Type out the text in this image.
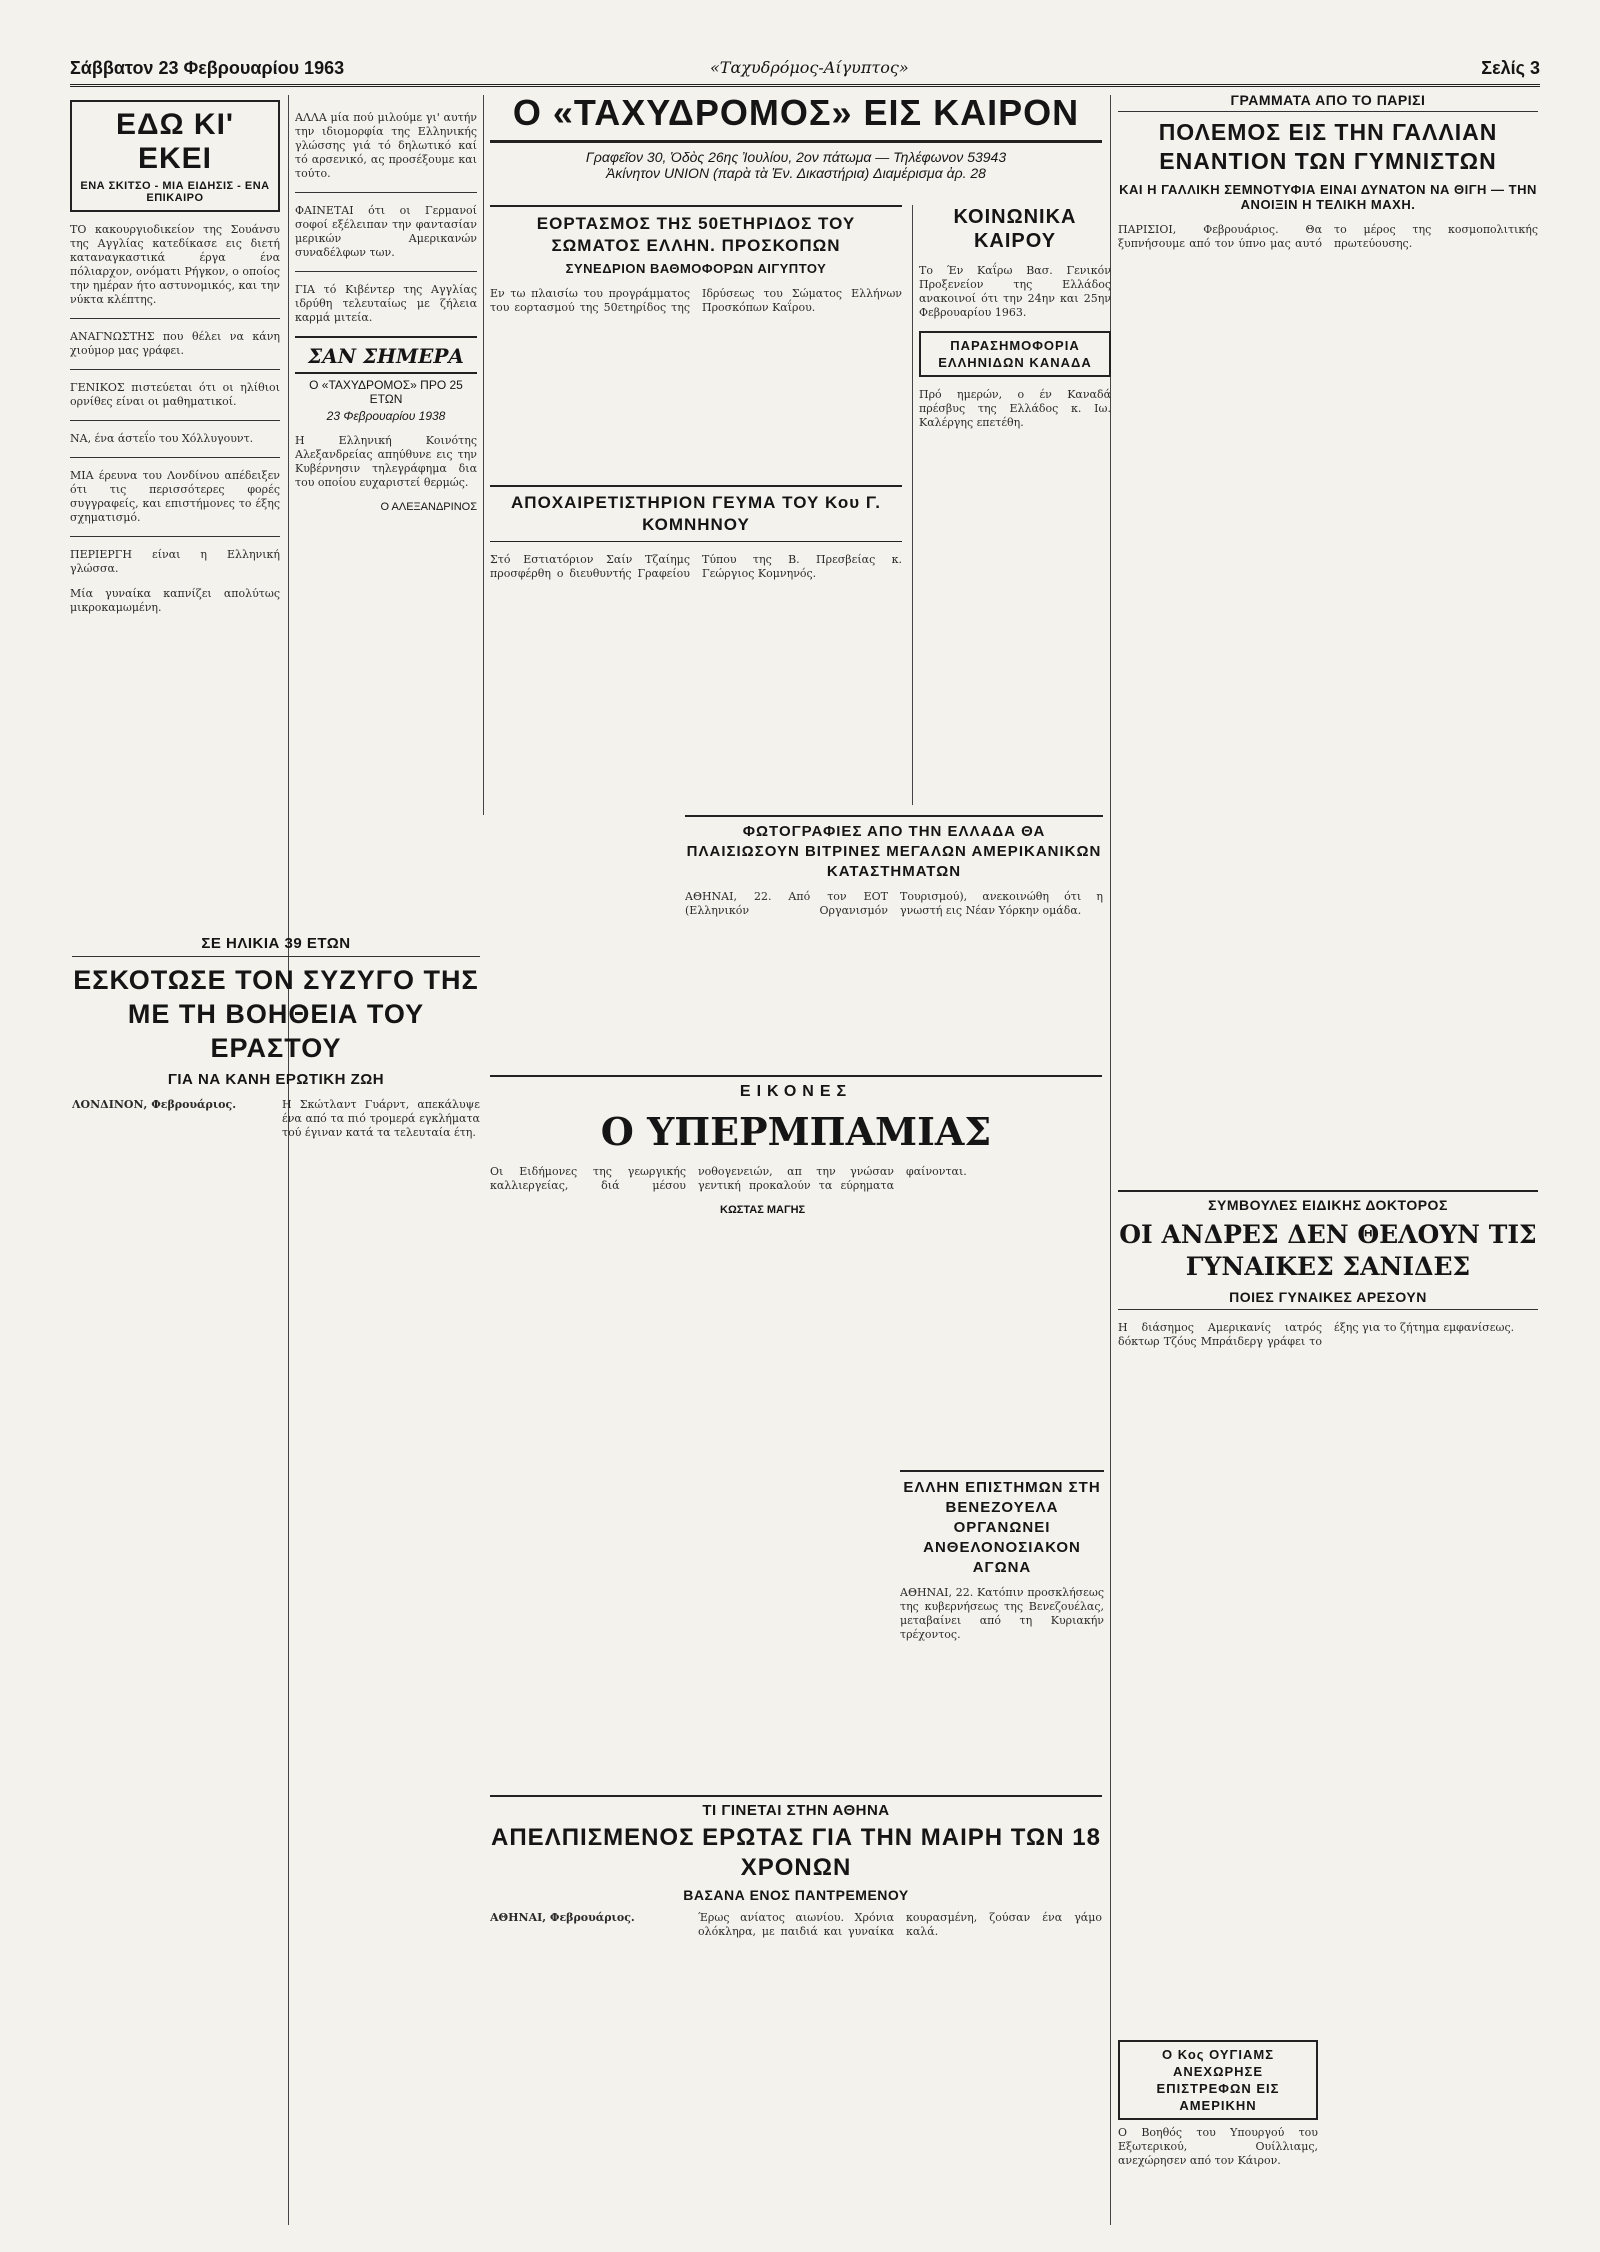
Σάββατον 23 Φεβρουαρίου 1963	«Ταχυδρόμος-Αίγυπτος»	Σελίς 3
ΕΔΩ ΚΙ' ΕΚΕΙ
ΕΝΑ ΣΚΙΤΣΟ - ΜΙΑ ΕΙΔΗΣΙΣ - ΕΝΑ ΕΠΙΚΑΙΡΟ

ΤΟ κακουργιοδικείον της Σουάνσυ της Αγγλίας κατεδίκασε εις διετή καταναγκαστικά έργα ένα πόλιαρχον, ονόματι Ρήγκον, ο οποίος την ημέραν ήτο αστυνομικός, και την νύκτα κλέπτης.

ΑΝΑΓΝΩΣΤΗΣ που θέλει να κάνη χιούμορ μας γράφει.

ΓΕΝΙΚΟΣ πιστεύεται ότι οι ηλίθιοι ορνίθες είναι οι μαθηματικοί.

ΝΑ, ένα άστεΐο του Χόλλυγουντ.

ΜΙΑ έρευνα του Λονδίνου απέδειξεν ότι τις περισσότερες φορές συγγραφείς, και επιστήμονες το έξης σχηματισμό.

ΠΕΡΙΕΡΓΗ είναι η Ελληνική γλώσσα.

Μία γυναίκα καπνίζει απολύτως μικροκαμωμένη.

ΑΛΛΑ μία πού μιλούμε γι' αυτήν την ιδιομορφία της Ελληνικής γλώσσης γιά τό δηλωτικό καί τό αρσενικό, ας προσέξουμε και τούτο.

ΦΑΙΝΕΤΑΙ ότι οι Γερμανοί σοφοί εξέλειπαν την φαντασίαν μερικών Αμερικανών συναδέλφων των.

ΓΙΑ τό Κιβέντερ της Αγγλίας ιδρύθη τελευταίως με ζήλεια καρμά μιτεία.

ΣΑΝ ΣΗΜΕΡΑ
Ο «ΤΑΧΥΔΡΟΜΟΣ» ΠΡΟ 25 ΕΤΩΝ
23 Φεβρουαρίου 1938

Η Ελληνική Κοινότης Αλεξανδρείας απηύθυνε εις την Κυβέρνησιν τηλεγράφημα δια του οποίου ευχαριστεί θερμώς.

Ο ΑΛΕΞΑΝΔΡΙΝΟΣ
ΣΕ ΗΛΙΚΙΑ 39 ΕΤΩΝ
ΕΣΚΟΤΩΣΕ ΤΟΝ ΣΥΖΥΓΟ ΤΗΣ ΜΕ ΤΗ ΒΟΗΘΕΙΑ ΤΟΥ ΕΡΑΣΤΟΥ
ΓΙΑ ΝΑ ΚΑΝΗ ΕΡΩΤΙΚΗ ΖΩΗ

ΛΟΝΔΙΝΟΝ, Φεβρουάριος.	Η Σκώτλαντ Γυάρντ, απεκάλυψε ένα από τα πιό τρομερά εγκλήματα τού έγιναν κατά τα τελευταία έτη.

Ο «ΤΑΧΥΔΡΟΜΟΣ» ΕΙΣ ΚΑΙΡΟΝ
Γραφεῖον 30, Ὁδὸς 26ης Ἰουλίου, 2ον πάτωμα — Τηλέφωνον 53943
Ἀκίνητον UNION (παρὰ τὰ Ἐν. Δικαστήρια) Διαμέρισμα ἀρ. 28
ΕΟΡΤΑΣΜΟΣ ΤΗΣ 50ΕΤΗΡΙΔΟΣ ΤΟΥ ΣΩΜΑΤΟΣ ΕΛΛΗΝ. ΠΡΟΣΚΟΠΩΝ
ΣΥΝΕΔΡΙΟΝ ΒΑΘΜΟΦΟΡΩΝ ΑΙΓΥΠΤΟΥ

Εν τω πλαισίω του προγράμματος του εορτασμού της 50ετηρίδος της Ιδρύσεως του Σώματος Ελλήνων Προσκόπων Καΐρου.

ΚΟΙΝΩΝΙΚΑ ΚΑΙΡΟΥ

Το Έν Καΐρω Βασ. Γενικόν Προξενείον της Ελλάδος ανακοινοί ότι την 24ην και 25ην Φεβρουαρίου 1963.

ΠΑΡΑΣΗΜΟΦΟΡΙΑ ΕΛΛΗΝΙΔΩΝ ΚΑΝΑΔΑ

Πρό ημερών, ο έν Καναδά πρέσβυς της Ελλάδος κ. Ιω. Καλέργης επετέθη.

ΑΠΟΧΑΙΡΕΤΙΣΤΗΡΙΟΝ ΓΕΥΜΑ ΤΟΥ Κου Γ. ΚΟΜΝΗΝΟΥ

Στό Εστιατόριον Σαίν Τζαίημς προσφέρθη ο διευθυντής Γραφείου Τύπου της Β. Πρεσβείας κ. Γεώργιος Κομνηνός.

ΦΩΤΟΓΡΑΦΙΕΣ ΑΠΟ ΤΗΝ ΕΛΛΑΔΑ ΘΑ ΠΛΑΙΣΙΩΣΟΥΝ ΒΙΤΡΙΝΕΣ ΜΕΓΑΛΩΝ ΑΜΕΡΙΚΑΝΙΚΩΝ ΚΑΤΑΣΤΗΜΑΤΩΝ

ΑΘΗΝΑΙ, 22. Από τον ΕΟΤ (Ελληνικόν Οργανισμόν Τουρισμού), ανεκοινώθη ότι η γνωστή εις Νέαν Υόρκην ομάδα.

ΕΙΚΟΝΕΣ
Ο ΥΠΕΡΜΠΑΜΙΑΣ

Οι Ειδήμονες της γεωργικής καλλιεργείας, διά μέσου νοθογενειών, απ την γνώσαν γεντική προκαλούν τα εύρηματα φαίνονται.

ΚΩΣΤΑΣ ΜΑΓΗΣ
ΕΛΛΗΝ ΕΠΙΣΤΗΜΩΝ ΣΤΗ ΒΕΝΕΖΟΥΕΛΑ ΟΡΓΑΝΩΝΕΙ ΑΝΘΕΛΟΝΟΣΙΑΚΟΝ ΑΓΩΝΑ

ΑΘΗΝΑΙ, 22. Κατόπιν προσκλήσεως της κυβερνήσεως της Βενεζουέλας, μεταβαίνει από τη Κυριακήν τρέχοντος.

ΤΙ ΓΙΝΕΤΑΙ ΣΤΗΝ ΑΘΗΝΑ
ΑΠΕΛΠΙΣΜΕΝΟΣ ΕΡΩΤΑΣ ΓΙΑ ΤΗΝ ΜΑΙΡΗ ΤΩΝ 18 ΧΡΟΝΩΝ
ΒΑΣΑΝΑ ΕΝΟΣ ΠΑΝΤΡΕΜΕΝΟΥ

ΑΘΗΝΑΙ, Φεβρουάριος.	Έρως ανίατος αιωνίου. Χρόνια ολόκληρα, με παιδιά και γυναίκα κουρασμένη, ζούσαν ένα γάμο καλά.

ΓΡΑΜΜΑΤΑ ΑΠΟ ΤΟ ΠΑΡΙΣΙ
ΠΟΛΕΜΟΣ ΕΙΣ ΤΗΝ ΓΑΛΛΙΑΝ ΕΝΑΝΤΙΟΝ ΤΩΝ ΓΥΜΝΙΣΤΩΝ
ΚΑΙ Η ΓΑΛΛΙΚΗ ΣΕΜΝΟΤΥΦΙΑ ΕΙΝΑΙ ΔΥΝΑΤΟΝ ΝΑ ΘΙΓΗ — ΤΗΝ ΑΝΟΙΞΙΝ Η ΤΕΛΙΚΗ ΜΑΧΗ.

ΠΑΡΙΣΙΟΙ, Φεβρουάριος. Θα ξυπνήσουμε από τον ύπνο μας αυτό το μέρος της κοσμοπολιτικής πρωτεύουσης.

ΣΥΜΒΟΥΛΕΣ ΕΙΔΙΚΗΣ ΔΟΚΤΟΡΟΣ
ΟΙ ΑΝΔΡΕΣ ΔΕΝ ΘΕΛΟΥΝ ΤΙΣ ΓΥΝΑΙΚΕΣ ΣΑΝΙΔΕΣ
ΠΟΙΕΣ ΓΥΝΑΙΚΕΣ ΑΡΕΣΟΥΝ

Η διάσημος Αμερικανίς ιατρός δόκτωρ Τζόυς Μπράιδεργ γράφει το έξης για το ζήτημα εμφανίσεως.

Ο Κος ΟΥΓΙΑΜΣ ΑΝΕΧΩΡΗΣΕ ΕΠΙΣΤΡΕΦΩΝ ΕΙΣ ΑΜΕΡΙΚΗΝ

Ο Βοηθός του Υπουργού του Εξωτερικού, Ουίλλιαμς, ανεχώρησεν από τον Κάιρον.
